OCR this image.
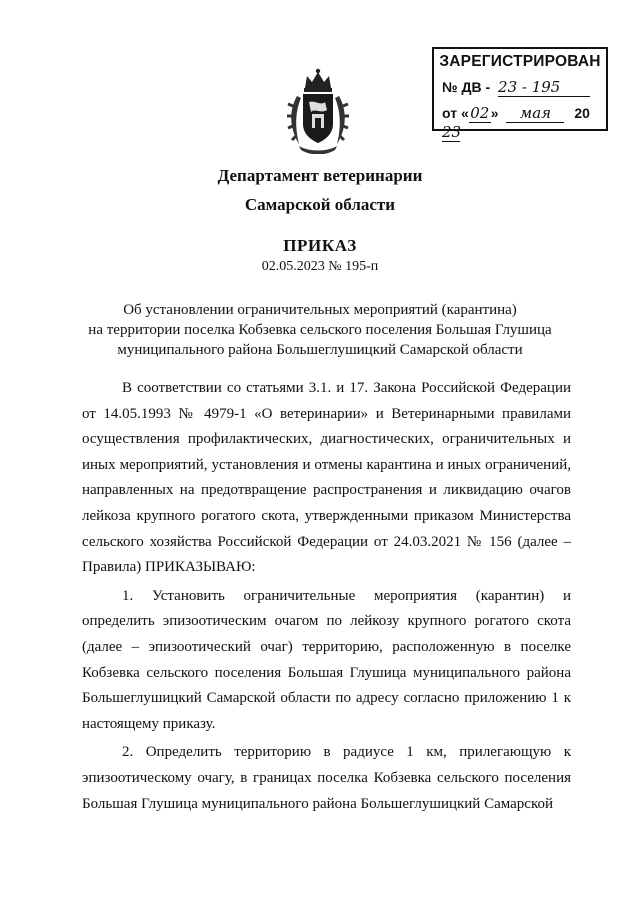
ЗАРЕГИСТРИРОВАН
№ ДВ - 23 - 195
от «02» мая 2023
Департамент ветеринарии
Самарской области
ПРИКАЗ
02.05.2023 № 195-п
Об установлении ограничительных мероприятий (карантина)
на территории поселка Кобзевка сельского поселения Большая Глушица
муниципального района Большеглушицкий Самарской области

В соответствии со статьями 3.1. и 17. Закона Российской Федерации от 14.05.1993 № 4979-1 «О ветеринарии» и Ветеринарными правилами осуществления профилактических, диагностических, ограничительных и иных мероприятий, установления и отмены карантина и иных ограничений, направленных на предотвращение распространения и ликвидацию очагов лейкоза крупного рогатого скота, утвержденными приказом Министерства сельского хозяйства Российской Федерации от 24.03.2021 № 156 (далее – Правила) ПРИКАЗЫВАЮ:

1. Установить ограничительные мероприятия (карантин) и определить эпизоотическим очагом по лейкозу крупного рогатого скота (далее – эпизоотический очаг) территорию, расположенную в поселке Кобзевка сельского поселения Большая Глушица муниципального района Большеглушицкий Самарской области по адресу согласно приложению 1 к настоящему приказу.

2. Определить территорию в радиусе 1 км, прилегающую к эпизоотическому очагу, в границах поселка Кобзевка сельского поселения Большая Глушица муниципального района Большеглушицкий Самарской
